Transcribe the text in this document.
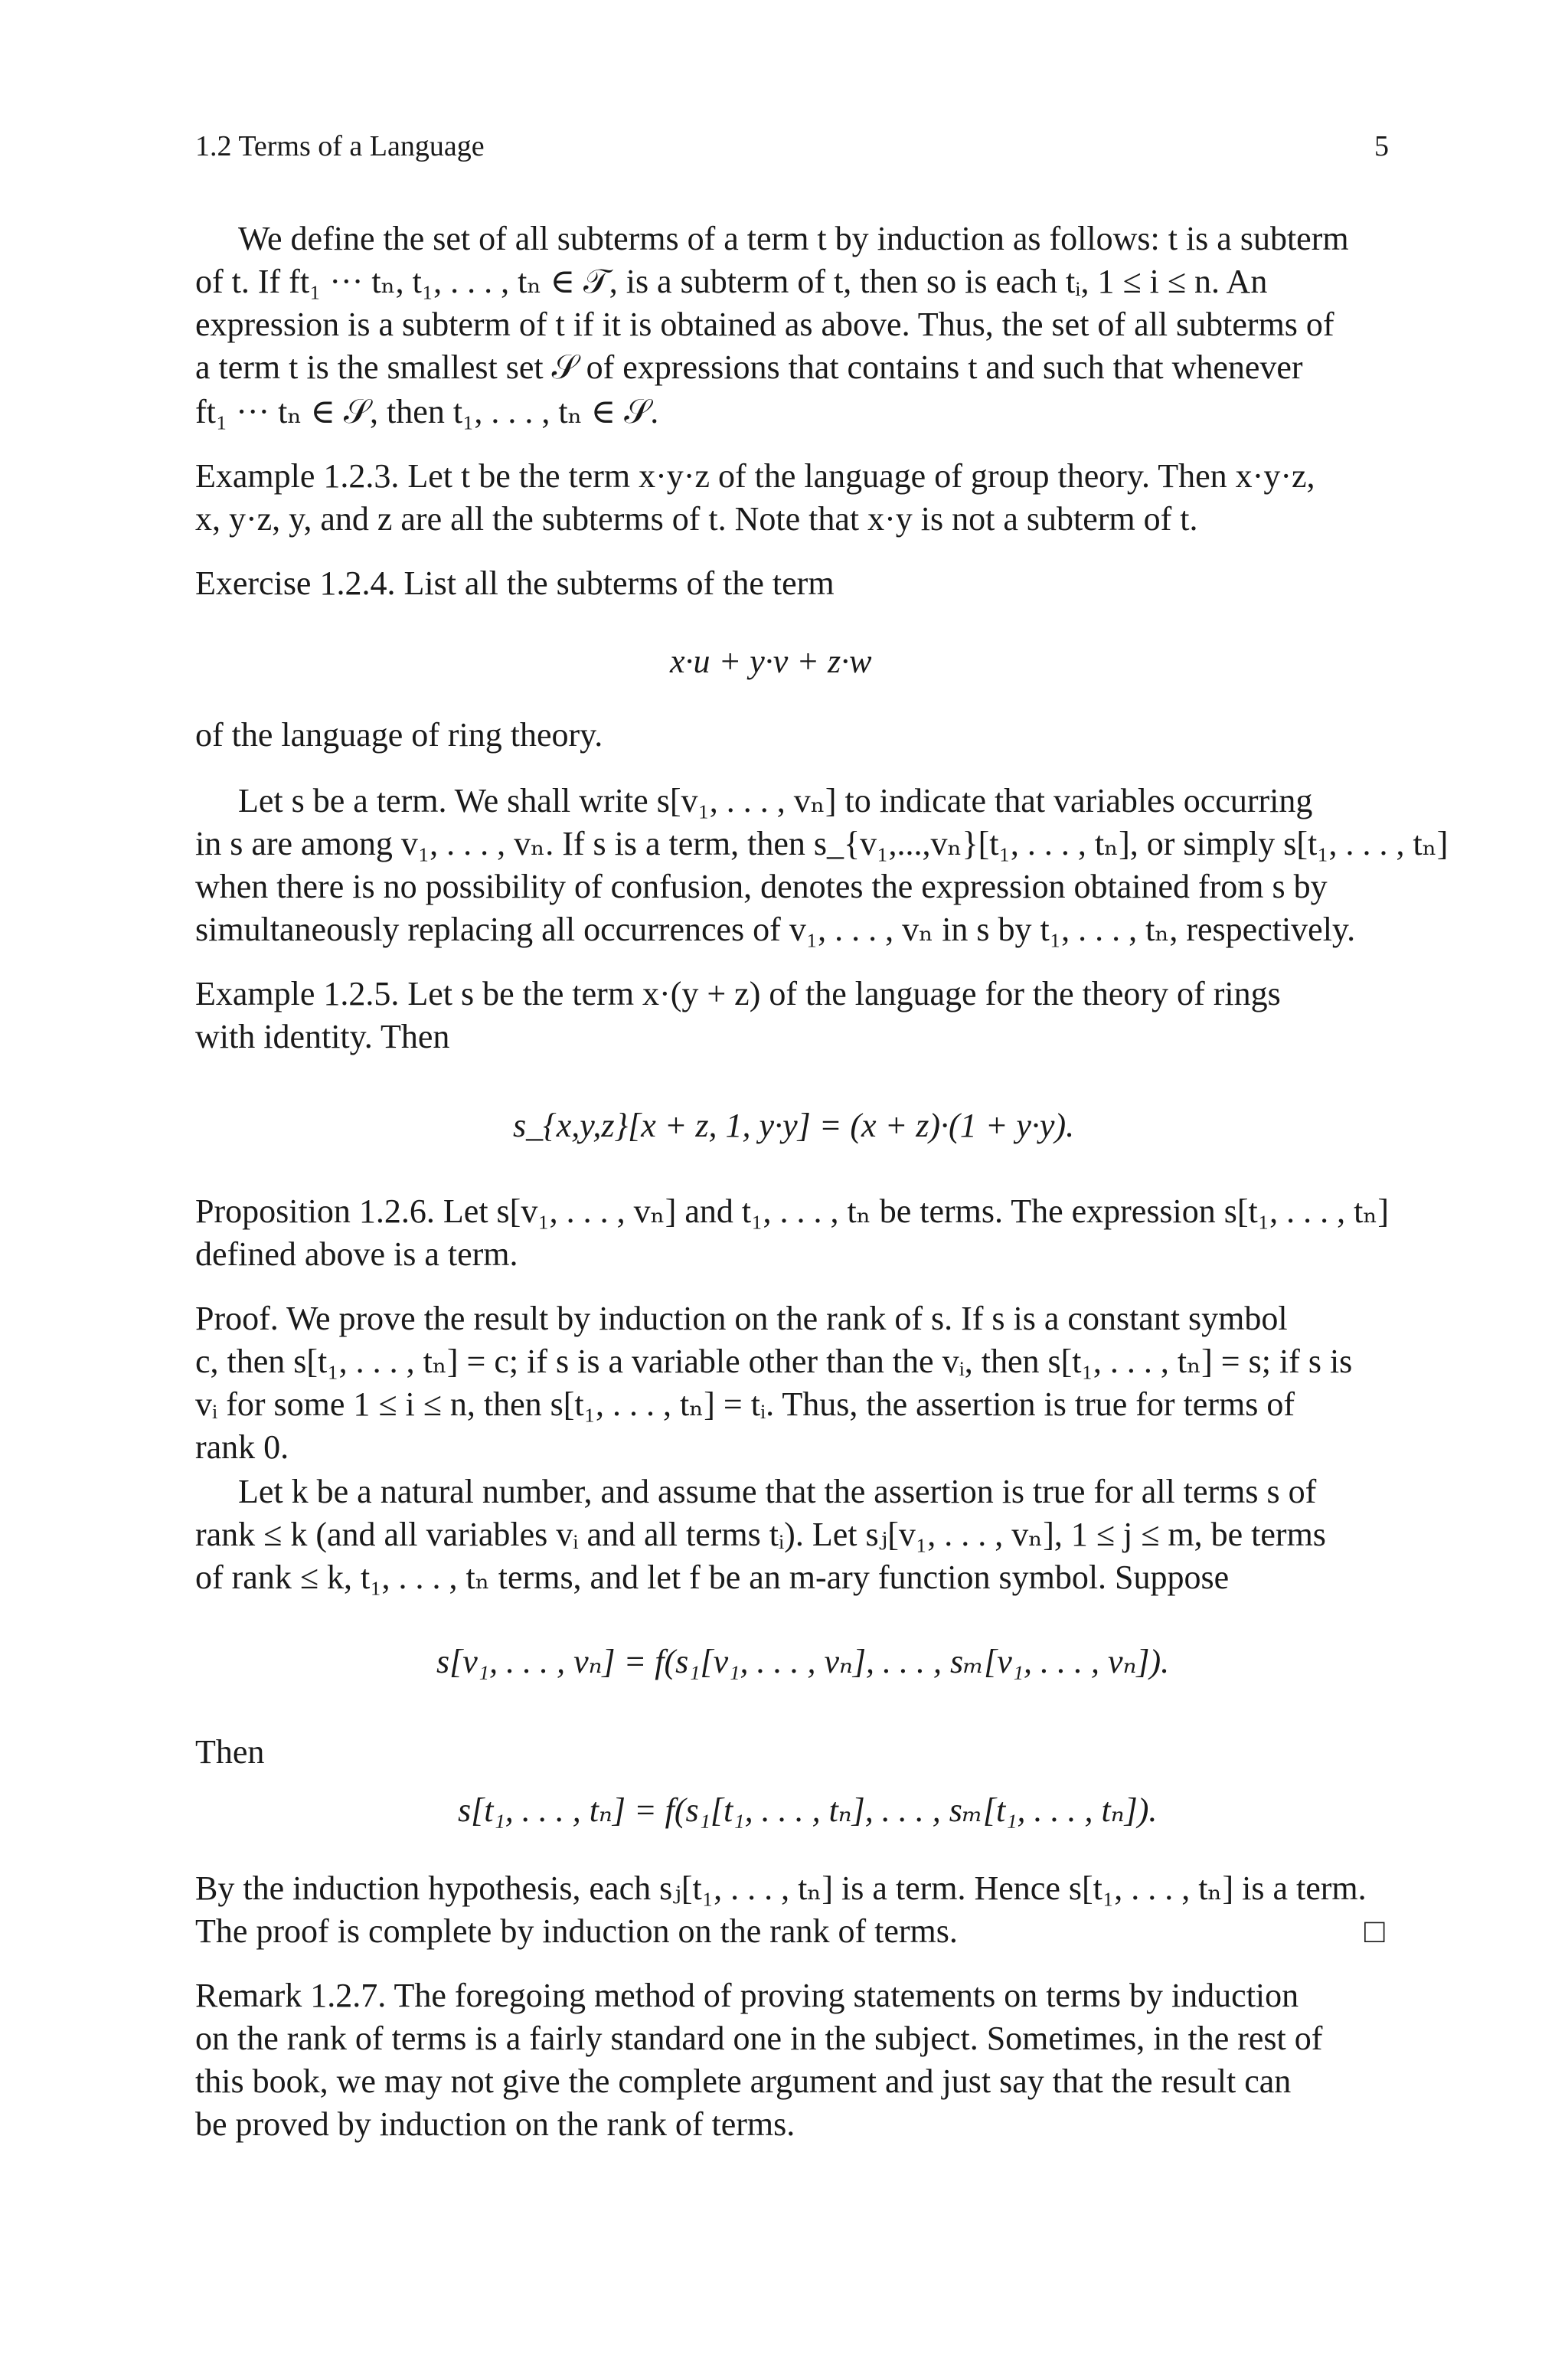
1.2 Terms of a Language	5
We define the set of all subterms of a term t by induction as follows: t is a subterm
of t. If ft₁ ··· tₙ, t₁, . . . , tₙ ∈ 𝒯, is a subterm of t, then so is each tᵢ, 1 ≤ i ≤ n. An
expression is a subterm of t if it is obtained as above. Thus, the set of all subterms of
a term t is the smallest set 𝒮 of expressions that contains t and such that whenever
ft₁ ··· tₙ ∈ 𝒮, then t₁, . . . , tₙ ∈ 𝒮.
Example 1.2.3. Let t be the term x·y·z of the language of group theory. Then x·y·z,
x, y·z, y, and z are all the subterms of t. Note that x·y is not a subterm of t.
Exercise 1.2.4. List all the subterms of the term
x·u + y·v + z·w
of the language of ring theory.
Let s be a term. We shall write s[v₁, . . . , vₙ] to indicate that variables occurring
in s are among v₁, . . . , vₙ. If s is a term, then s_{v₁,...,vₙ}[t₁, . . . , tₙ], or simply s[t₁, . . . , tₙ]
when there is no possibility of confusion, denotes the expression obtained from s by
simultaneously replacing all occurrences of v₁, . . . , vₙ in s by t₁, . . . , tₙ, respectively.
Example 1.2.5. Let s be the term x·(y + z) of the language for the theory of rings
with identity. Then
s_{x,y,z}[x + z, 1, y·y] = (x + z)·(1 + y·y).
Proposition 1.2.6. Let s[v₁, . . . , vₙ] and t₁, . . . , tₙ be terms. The expression s[t₁, . . . , tₙ]
defined above is a term.
Proof. We prove the result by induction on the rank of s. If s is a constant symbol
c, then s[t₁, . . . , tₙ] = c; if s is a variable other than the vᵢ, then s[t₁, . . . , tₙ] = s; if s is
vᵢ for some 1 ≤ i ≤ n, then s[t₁, . . . , tₙ] = tᵢ. Thus, the assertion is true for terms of
rank 0.
Let k be a natural number, and assume that the assertion is true for all terms s of
rank ≤ k (and all variables vᵢ and all terms tᵢ). Let sⱼ[v₁, . . . , vₙ], 1 ≤ j ≤ m, be terms
of rank ≤ k, t₁, . . . , tₙ terms, and let f be an m-ary function symbol. Suppose
s[v₁, . . . , vₙ] = f(s₁[v₁, . . . , vₙ], . . . , sₘ[v₁, . . . , vₙ]).
Then
s[t₁, . . . , tₙ] = f(s₁[t₁, . . . , tₙ], . . . , sₘ[t₁, . . . , tₙ]).
By the induction hypothesis, each sⱼ[t₁, . . . , tₙ] is a term. Hence s[t₁, . . . , tₙ] is a term.
The proof is complete by induction on the rank of terms.	□
Remark 1.2.7. The foregoing method of proving statements on terms by induction
on the rank of terms is a fairly standard one in the subject. Sometimes, in the rest of
this book, we may not give the complete argument and just say that the result can
be proved by induction on the rank of terms.
